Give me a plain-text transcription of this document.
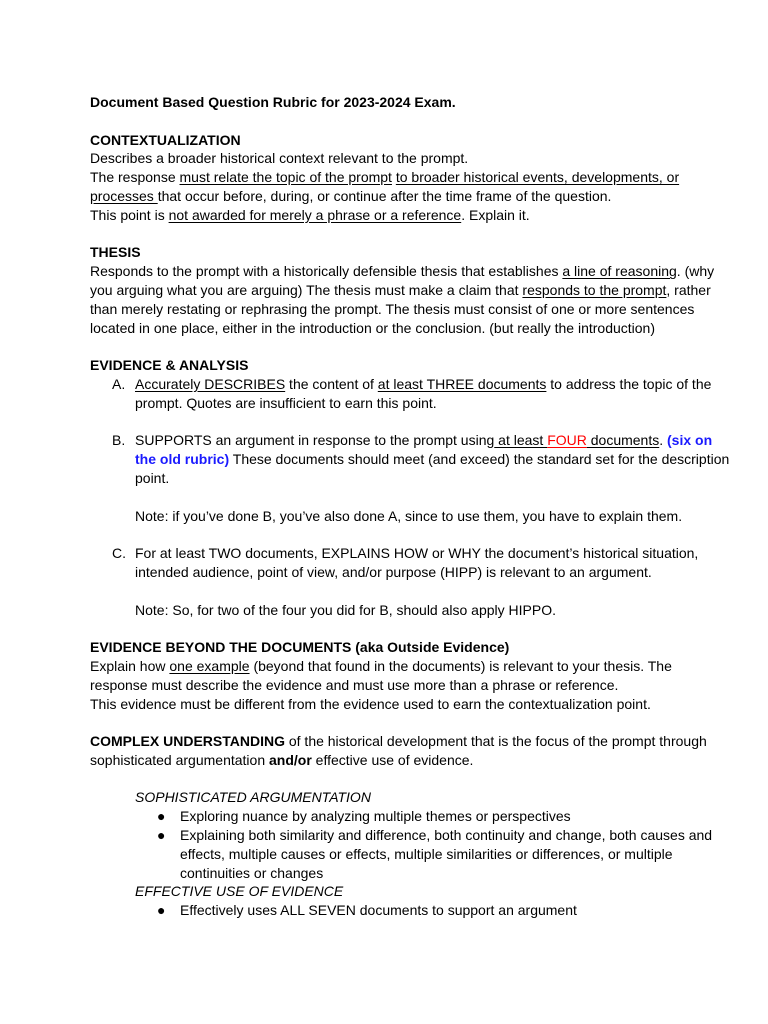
Document Based Question Rubric for 2023-2024 Exam.

CONTEXTUALIZATION

Describes a broader historical context relevant to the prompt.

The response must relate the topic of the prompt to broader historical events, developments, or processes that occur before, during, or continue after the time frame of the question.

This point is not awarded for merely a phrase or a reference. Explain it.

THESIS

Responds to the prompt with a historically defensible thesis that establishes a line of reasoning. (why you arguing what you are arguing) The thesis must make a claim that responds to the prompt, rather than merely restating or rephrasing the prompt. The thesis must consist of one or more sentences located in one place, either in the introduction or the conclusion. (but really the introduction)

EVIDENCE & ANALYSIS

A. Accurately DESCRIBES the content of at least THREE documents to address the topic of the prompt. Quotes are insufficient to earn this point.

B. SUPPORTS an argument in response to the prompt using at least FOUR documents. (six on the old rubric) These documents should meet (and exceed) the standard set for the description point.

Note: if you’ve done B, you’ve also done A, since to use them, you have to explain them.

C. For at least TWO documents, EXPLAINS HOW or WHY the document’s historical situation, intended audience, point of view, and/or purpose (HIPP) is relevant to an argument.

Note: So, for two of the four you did for B, should also apply HIPPO.

EVIDENCE BEYOND THE DOCUMENTS (aka Outside Evidence)

Explain how one example (beyond that found in the documents) is relevant to your thesis. The response must describe the evidence and must use more than a phrase or reference.

This evidence must be different from the evidence used to earn the contextualization point.

COMPLEX UNDERSTANDING of the historical development that is the focus of the prompt through sophisticated argumentation and/or effective use of evidence.

SOPHISTICATED ARGUMENTATION

● Exploring nuance by analyzing multiple themes or perspectives

● Explaining both similarity and difference, both continuity and change, both causes and effects, multiple causes or effects, multiple similarities or differences, or multiple continuities or changes

EFFECTIVE USE OF EVIDENCE

● Effectively uses ALL SEVEN documents to support an argument
